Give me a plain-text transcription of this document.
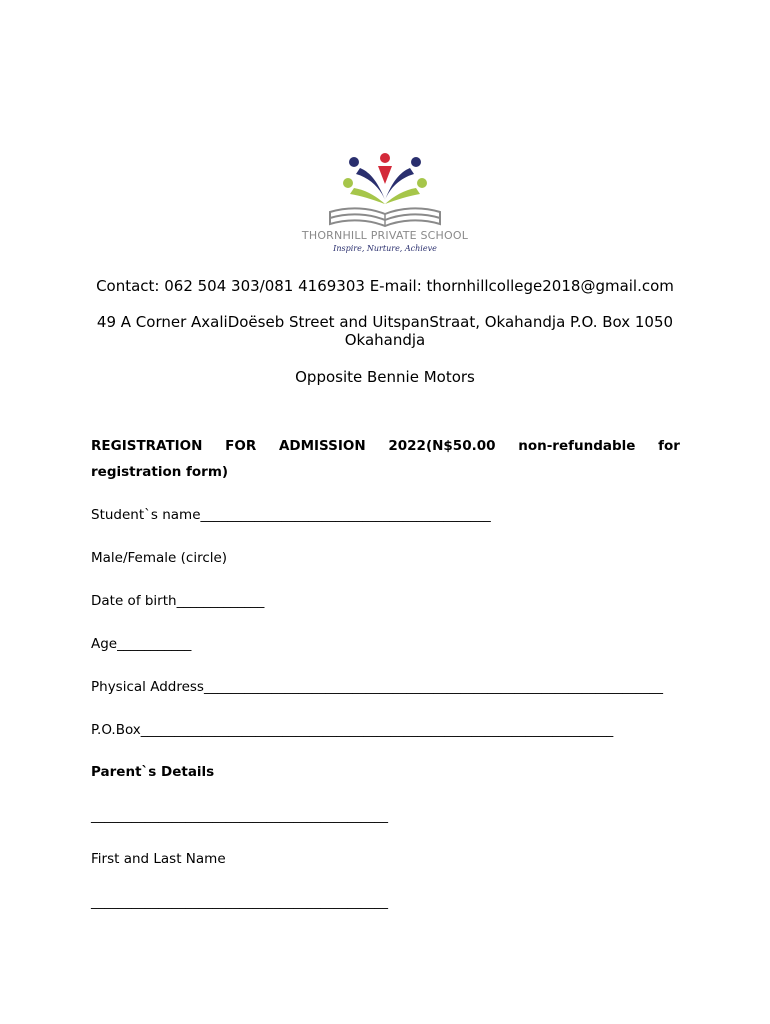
THORNHILL PRIVATE SCHOOL
Inspire, Nurture, Achieve
Contact: 062 504 303/081 4169303 E-mail: thornhillcollege2018@gmail.com
49 A Corner AxaliDoëseb Street and UitspanStraat, Okahandja P.O. Box 1050
Okahandja
Opposite Bennie Motors
REGISTRATION FOR ADMISSION 2022(N$50.00 non-refundable for
registration form)
Student`s name___________________________________________
Male/Female (circle)
Date of birth_____________
Age___________
Physical Address____________________________________________________________________
P.O.Box______________________________________________________________________
Parent`s Details
____________________________________________
First and Last Name
____________________________________________
